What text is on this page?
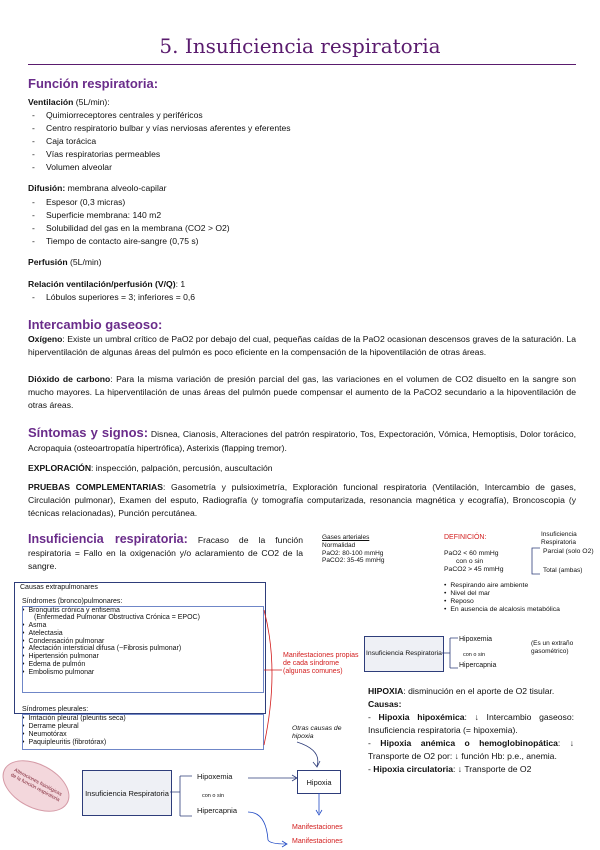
5. Insuficiencia respiratoria
Función respiratoria:
Ventilación (5L/min):
- Quimiorreceptores centrales y periféricos
- Centro respiratorio bulbar y vías nerviosas aferentes y eferentes
- Caja torácica
- Vías respiratorias permeables
- Volumen alveolar
Difusión: membrana alveolo-capilar
- Espesor (0,3 micras)
- Superficie membrana: 140 m2
- Solubilidad del gas en la membrana (CO2 > O2)
- Tiempo de contacto aire-sangre (0,75 s)
Perfusión (5L/min)
Relación ventilación/perfusión (V/Q): 1
- Lóbulos superiores = 3; inferiores = 0,6
Intercambio gaseoso:
Oxígeno: Existe un umbral crítico de PaO2 por debajo del cual, pequeñas caídas de la PaO2 ocasionan descensos graves de la saturación. La hiperventilación de algunas áreas del pulmón es poco eficiente en la compensación de la hipoventilación de otras áreas.
Dióxido de carbono: Para la misma variación de presión parcial del gas, las variaciones en el volumen de CO2 disuelto en la sangre son mucho mayores. La hiperventilación de unas áreas del pulmón puede compensar el aumento de la PaCO2 secundario a la hipoventilación de otras áreas.
Síntomas y signos: Disnea, Cianosis, Alteraciones del patrón respiratorio, Tos, Expectoración, Vómica, Hemoptisis, Dolor torácico, Acropaquia (osteoartropatía hipertrófica), Asterixis (flapping tremor).
EXPLORACIÓN: inspección, palpación, percusión, auscultación
PRUEBAS COMPLEMENTARIAS: Gasometría y pulsioximetría, Exploración funcional respiratoria (Ventilación, Intercambio de gases, Circulación pulmonar), Examen del esputo, Radiografía (y tomografía computarizada, resonancia magnética y ecografía), Broncoscopia (y técnicas relacionadas), Punción percutánea.
Insuficiencia respiratoria: Fracaso de la función respiratoria = Fallo en la oxigenación y/o aclaramiento de CO2 de la sangre.
Gases arteriales
Normalidad
PaO2: 80-100 mmHg
PaCO2: 35-45 mmHg
DEFINICIÓN:
PaO2 < 60 mmHg
con o sin
PaCO2 > 45 mmHg
Insuficiencia Respiratoria
Parcial (solo O2)
Total (ambas)
• Respirando aire ambiente
• Nivel del mar
• Reposo
• En ausencia de alcalosis metabólica
Insuficiencia Respiratoria
Hipoxemia
con o sin
Hipercapnia
(Es un extraño gasométrico)
Causas extrapulmonares
Síndromes (bronco)pulmonares:
• Bronquitis crónica y enfisema
(Enfermedad Pulmonar Obstructiva Crónica = EPOC)
• Asma
• Atelectasia
• Condensación pulmonar
• Afectación intersticial difusa (~Fibrosis pulmonar)
• Hipertensión pulmonar
• Edema de pulmón
• Embolismo pulmonar
Síndromes pleurales:
• Irritación pleural (pleuritis seca)
• Derrame pleural
• Neumotórax
• Paquipleuritis (fibrotórax)
Manifestaciones propias de cada síndrome (algunas comunes)
Otras causas de hipoxia
Alteraciones fisiológicas de la función respiratoria	Insuficiencia Respiratoria
Hipoxemia
con o sin
Hipercapnia
Hipoxia
Manifestaciones
Manifestaciones
HIPOXIA: disminución en el aporte de O2 tisular.
Causas:
- Hipoxia hipoxémica: ↓ Intercambio gaseoso: Insuficiencia respiratoria (= hipoxemia).
- Hipoxia anémica o hemoglobinopática: ↓ Transporte de O2 por: ↓ función Hb: p.e., anemia.
- Hipoxia circulatoria: ↓ Transporte de O2
